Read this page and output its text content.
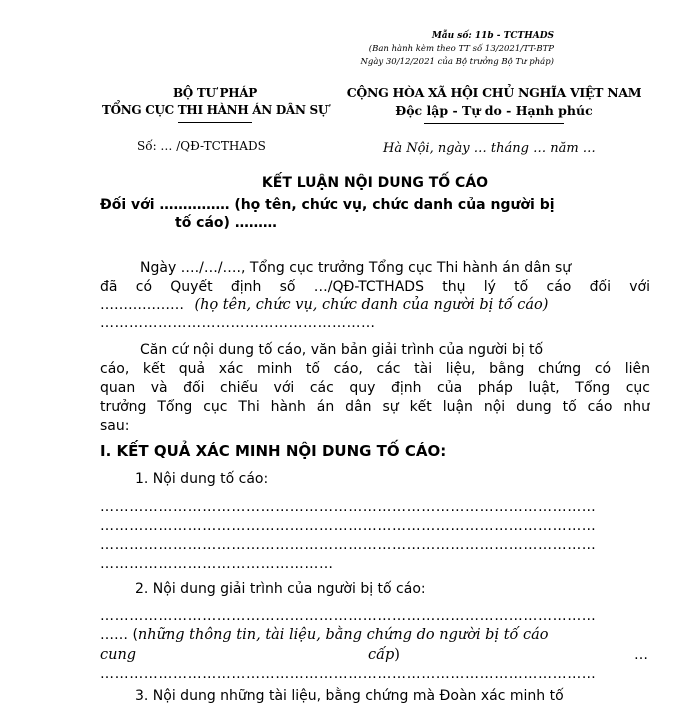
Mẫu số: 11b - TCTHADS
(Ban hành kèm theo TT số 13/2021/TT-BTP
Ngày 30/12/2021 của Bộ trưởng Bộ Tư pháp)
BỘ TƯ PHÁP
TỔNG CỤC THI HÀNH ÁN DÂN SỰ
CỘNG HÒA XÃ HỘI CHỦ NGHĨA VIỆT NAM
Độc lập - Tự do - Hạnh phúc
Số: … /QĐ-TCTHADS	Hà Nội, ngày … tháng … năm …
KẾT LUẬN NỘI DUNG TỐ CÁO
Đối với …………… (họ tên, chức vụ, chức danh của người bị
tố cáo) ………
Ngày …./…/…., Tổng cục trưởng Tổng cục Thi hành án dân sự
đã có Quyết định số …/QĐ-TCTHADS thụ lý tố cáo đối với
……………… (họ tên, chức vụ, chức danh của người bị tố cáo)
…………………………………………………
Căn cứ nội dung tố cáo, văn bản giải trình của người bị tố
cáo, kết quả xác minh tố cáo, các tài liệu, bằng chứng có liên
quan và đối chiếu với các quy định của pháp luật, Tổng cục
trưởng Tổng cục Thi hành án dân sự kết luận nội dung tố cáo như
sau:
I. KẾT QUẢ XÁC MINH NỘI DUNG TỐ CÁO:
1. Nội dung tố cáo:
…………………………………………………………………………………………
…………………………………………………………………………………………
…………………………………………………………………………………………
…………………………………………
2. Nội dung giải trình của người bị tố cáo:
…………………………………………………………………………………………
…… (những thông tin, tài liệu, bằng chứng do người bị tố cáo
cung	cấp)	…
…………………………………………………………………………………………
3. Nội dung những tài liệu, bằng chứng mà Đoàn xác minh tố
